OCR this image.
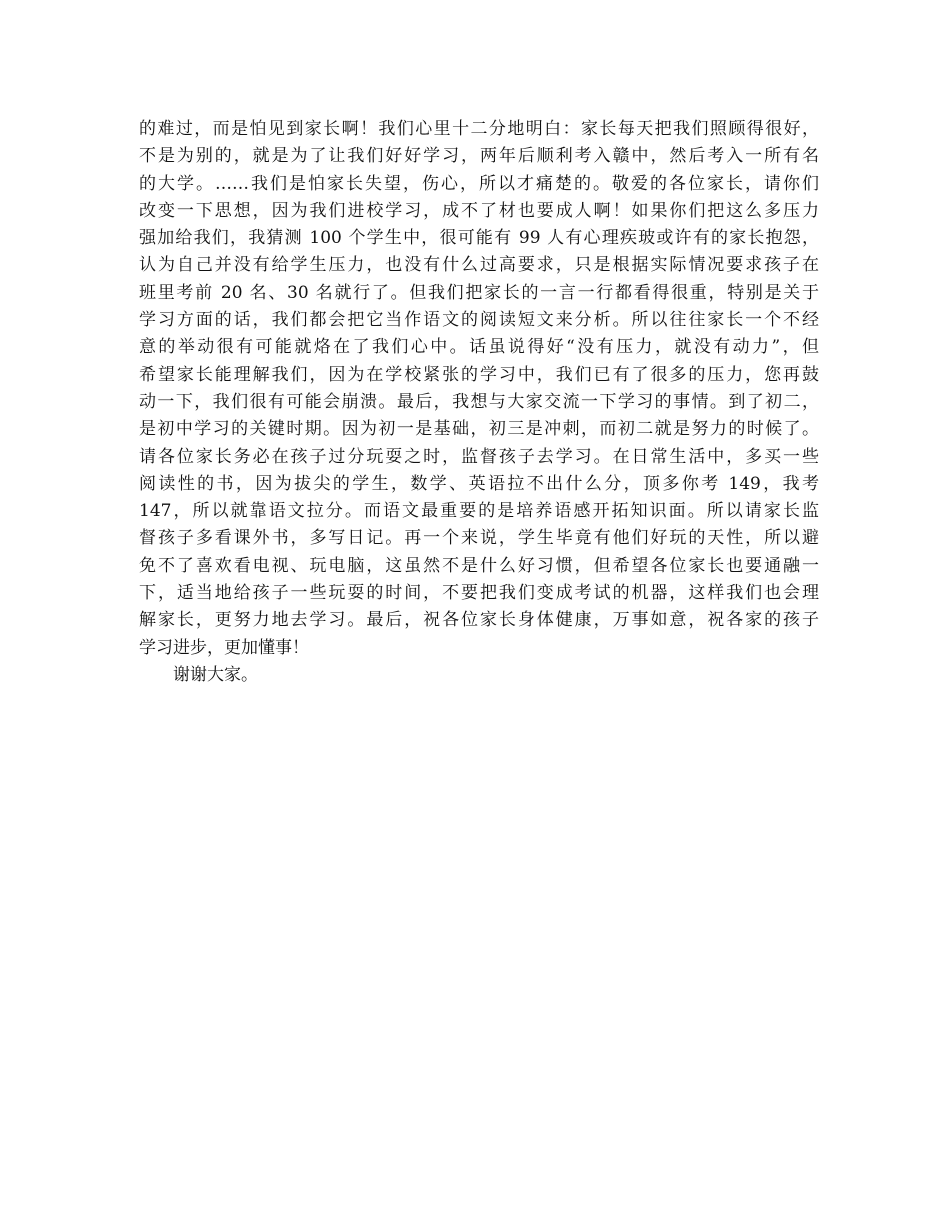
的难过，而是怕见到家长啊！我们心里十二分地明白：家长每天把我们照顾得很好，
不是为别的，就是为了让我们好好学习，两年后顺利考入赣中，然后考入一所有名
的大学。……我们是怕家长失望，伤心，所以才痛楚的。敬爱的各位家长，请你们
改变一下思想，因为我们进校学习，成不了材也要成人啊！如果你们把这么多压力
强加给我们，我猜测 100 个学生中，很可能有 99 人有心理疾玻或许有的家长抱怨，
认为自己并没有给学生压力，也没有什么过高要求，只是根据实际情况要求孩子在
班里考前 20 名、30 名就行了。但我们把家长的一言一行都看得很重，特别是关于
学习方面的话，我们都会把它当作语文的阅读短文来分析。所以往往家长一个不经
意的举动很有可能就烙在了我们心中。话虽说得好“没有压力，就没有动力”，但
希望家长能理解我们，因为在学校紧张的学习中，我们已有了很多的压力，您再鼓
动一下，我们很有可能会崩溃。最后，我想与大家交流一下学习的事情。到了初二，
是初中学习的关键时期。因为初一是基础，初三是冲刺，而初二就是努力的时候了。
请各位家长务必在孩子过分玩耍之时，监督孩子去学习。在日常生活中，多买一些
阅读性的书，因为拔尖的学生，数学、英语拉不出什么分，顶多你考 149，我考
147，所以就靠语文拉分。而语文最重要的是培养语感开拓知识面。所以请家长监
督孩子多看课外书，多写日记。再一个来说，学生毕竟有他们好玩的天性，所以避
免不了喜欢看电视、玩电脑，这虽然不是什么好习惯，但希望各位家长也要通融一
下，适当地给孩子一些玩耍的时间，不要把我们变成考试的机器，这样我们也会理
解家长，更努力地去学习。最后，祝各位家长身体健康，万事如意，祝各家的孩子
学习进步，更加懂事！
谢谢大家。
